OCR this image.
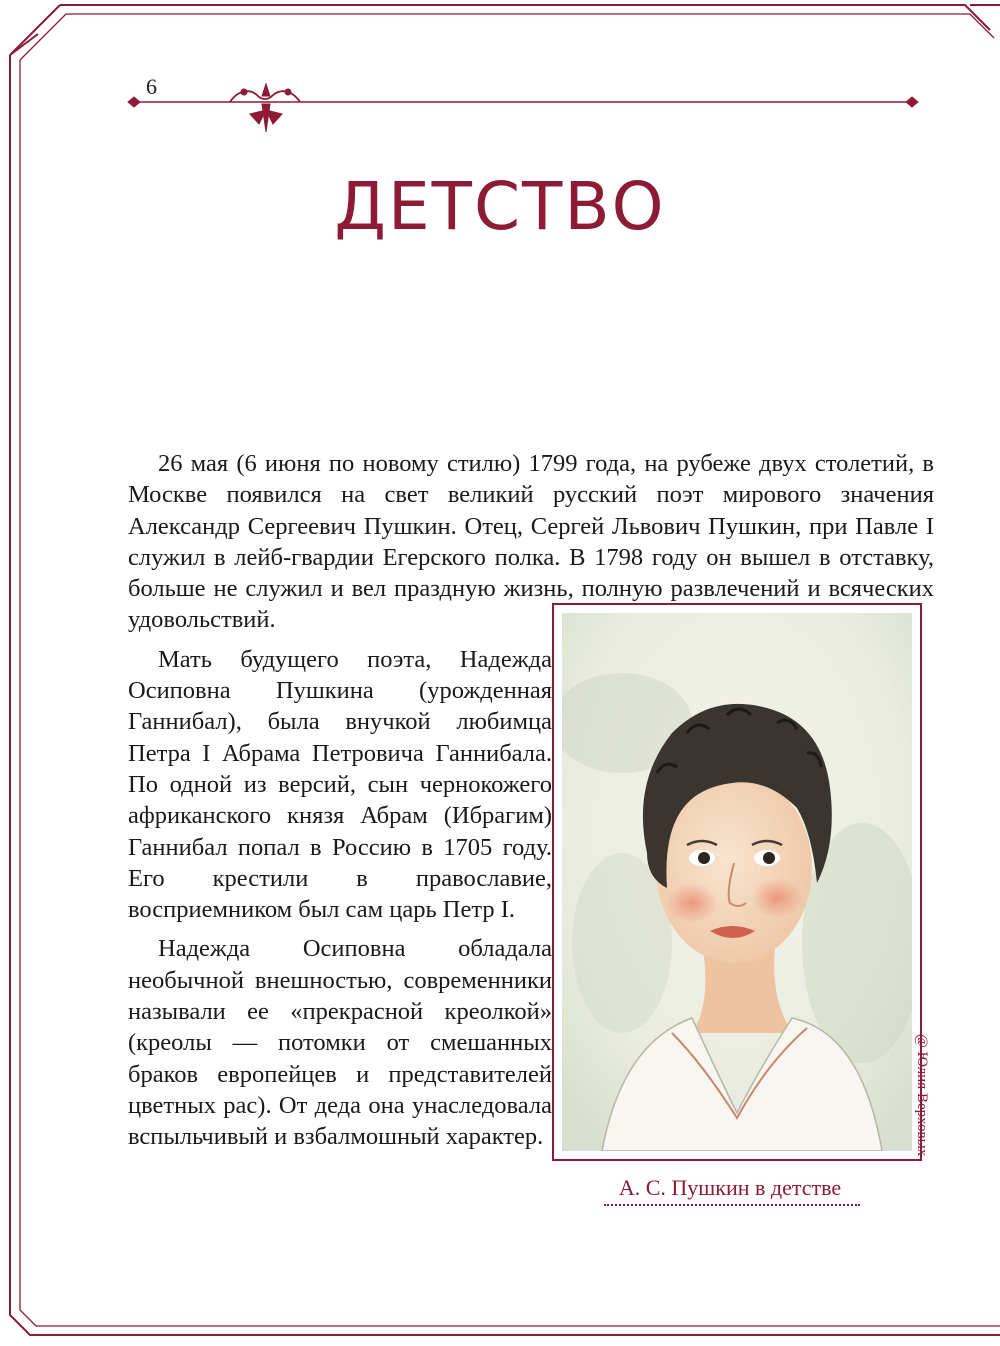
6
ДЕТСТВО

26 мая (6 июня по новому стилю) 1799 года, на рубеже двух столетий, в Москве появился на свет великий русский поэт мирового значения Александр Сергеевич Пушкин. Отец, Сергей Львович Пушкин, при Павле I служил в лейб-гвардии Егерского полка. В 1798 году он вышел в отставку, больше не служил и вел праздную жизнь, полную развлечений и всяческих удовольствий.

Мать будущего поэта, Надежда Осиповна Пушкина (урожденная Ганнибал), была внучкой любимца Петра I Абрама Петровича Ганнибала. По одной из версий, сын чернокожего африканского князя Абрам (Ибрагим) Ганнибал попал в Россию в 1705 году. Его крестили в православие, восприемником был сам царь Петр I.

Надежда Осиповна обладала необычной внешностью, современники называли ее «прекрасной креолкой» (креолы — потомки от смешанных браков европейцев и представителей цветных рас). От деда она унаследовала вспыльчивый и взбалмошный характер.

А. С. Пушкин в детстве
@ Юлия Верховых
